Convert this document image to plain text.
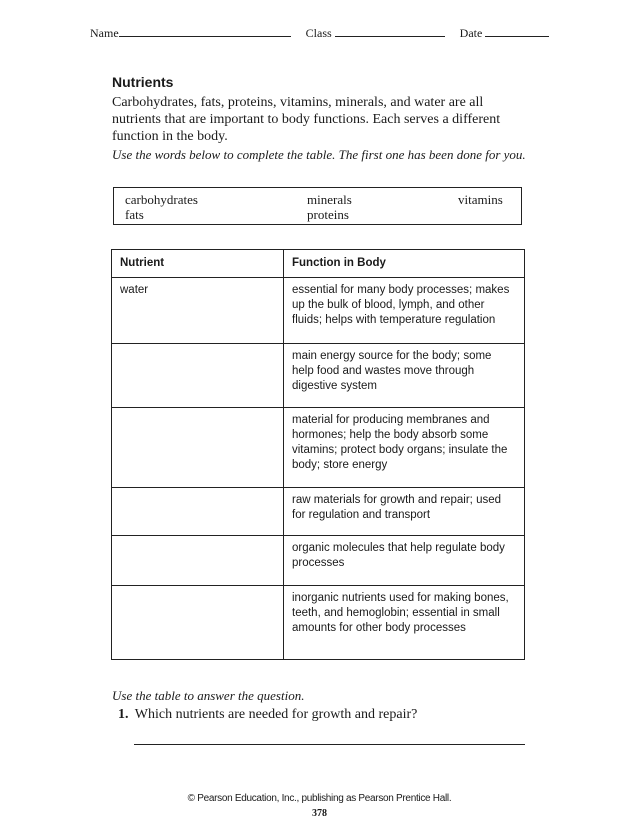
Name	Class	Date
Nutrients
Carbohydrates, fats, proteins, vitamins, minerals, and water are all nutrients that are important to body functions. Each serves a different function in the body.
Use the words below to complete the table. The first one has been done for you.
carbohydrates
fats
minerals
proteins
vitamins
Nutrient	Function in Body
water	essential for many body processes; makes up the bulk of blood, lymph, and other fluids; helps with temperature regulation
	main energy source for the body; some help food and wastes move through digestive system
	material for producing membranes and hormones; help the body absorb some vitamins; protect body organs; insulate the body; store energy
	raw materials for growth and repair; used for regulation and transport
	organic molecules that help regulate body processes
	inorganic nutrients used for making bones, teeth, and hemoglobin; essential in small amounts for other body processes
Use the table to answer the question.
1. Which nutrients are needed for growth and repair?
© Pearson Education, Inc., publishing as Pearson Prentice Hall.
378
